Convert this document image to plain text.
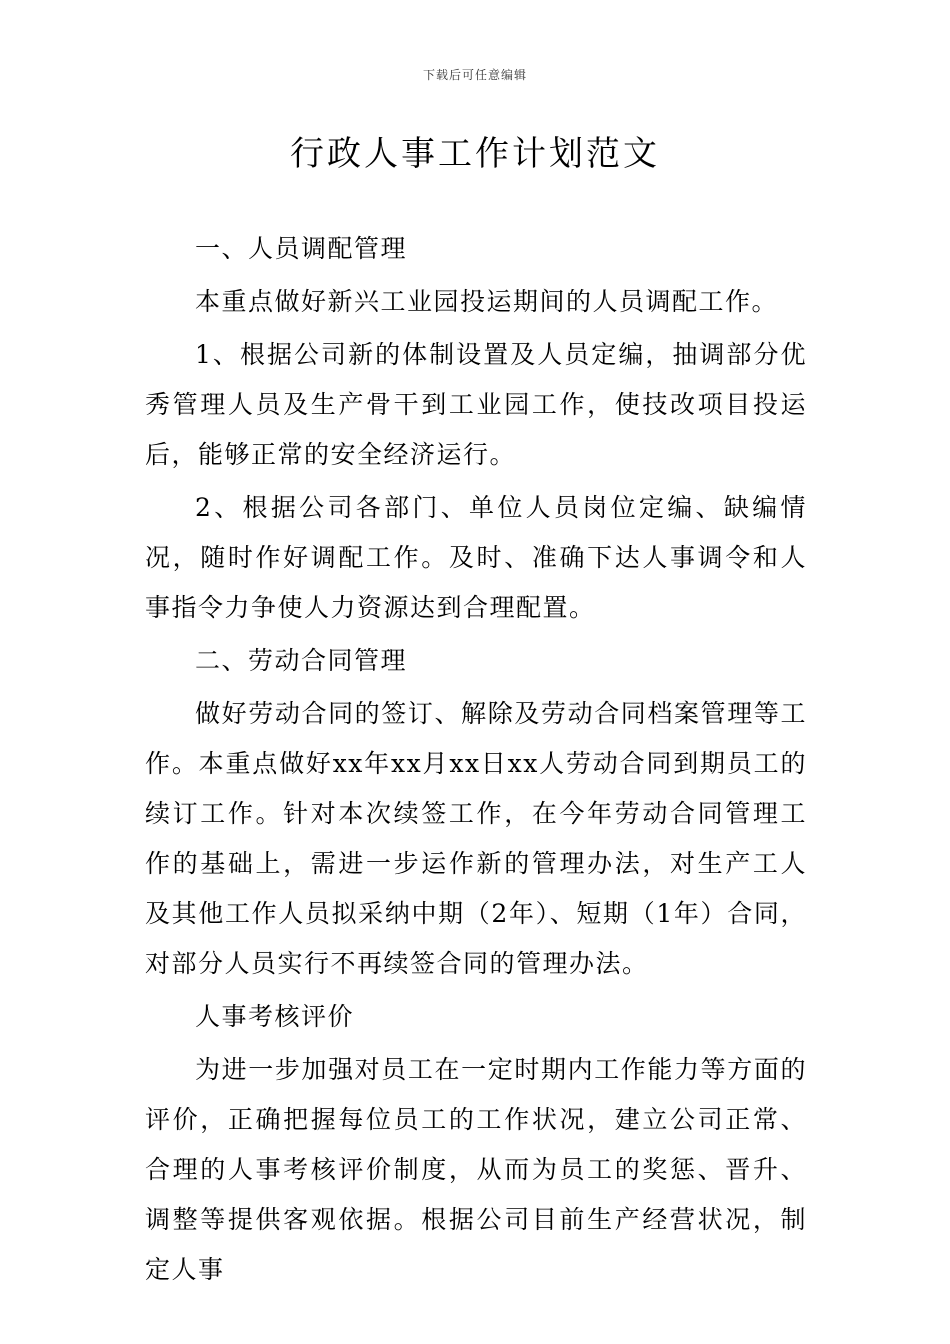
下载后可任意编辑
行政人事工作计划范文

一、人员调配管理

本重点做好新兴工业园投运期间的人员调配工作。

1、根据公司新的体制设置及人员定编，抽调部分优秀管理人员及生产骨干到工业园工作，使技改项目投运后，能够正常的安全经济运行。

2、根据公司各部门、单位人员岗位定编、缺编情况，随时作好调配工作。及时、准确下达人事调令和人事指令力争使人力资源达到合理配置。

二、劳动合同管理

做好劳动合同的签订、解除及劳动合同档案管理等工作。本重点做好xx年xx月xx日xx人劳动合同到期员工的续订工作。针对本次续签工作，在今年劳动合同管理工作的基础上，需进一步运作新的管理办法，对生产工人及其他工作人员拟采纳中期（2年）、短期（1年）合同，对部分人员实行不再续签合同的管理办法。

人事考核评价

为进一步加强对员工在一定时期内工作能力等方面的评价，正确把握每位员工的工作状况，建立公司正常、合理的人事考核评价制度，从而为员工的奖惩、晋升、调整等提供客观依据。根据公司目前生产经营状况，制定人事
